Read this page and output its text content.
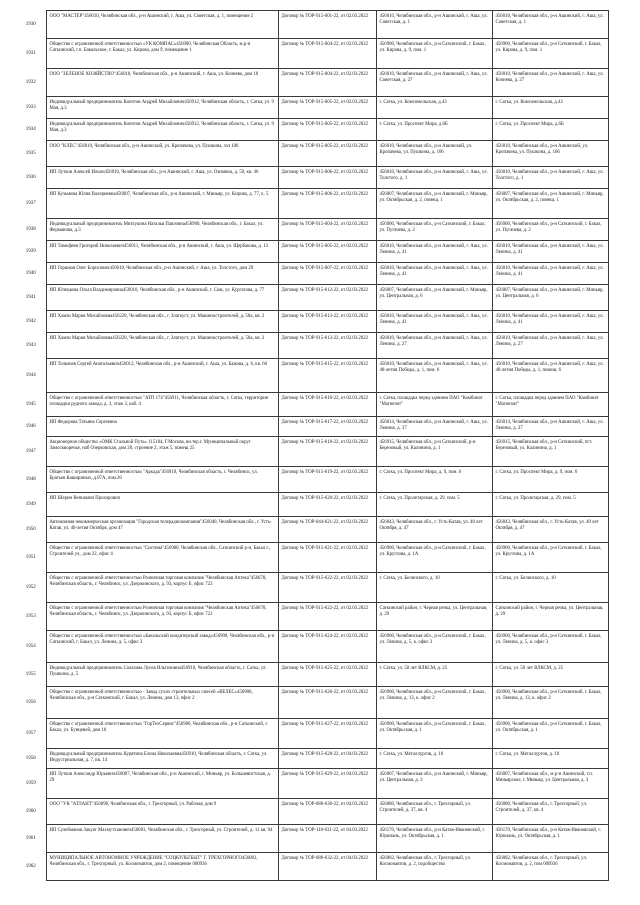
1930	ООО "МАСТЕР"456010, Челябинская обл., р-н Ашинский, г. Аша, ул. Советская, д. 1, помещение 2	Договор № ТОР-915-601-22, от 02.03.2022	456010, Челябинская обл., р-н Ашинский, г. Аша, ул. Советская, д. 1	456010, Челябинская обл., р-н Ашинский, г. Аша, ул. Советская, д. 1
1931	Общество с ограниченной ответственностью «УК КОМПАС»456900, Челябинская Область, м.р-н Саткинский, г.п. Бакальское, г. Бакал, ул. Кирова, дом 9, помещение 1	Договор № ТОР-915-604-22, от 02.03.2022	456900, Челябинская обл., р-н Саткинский, г. Бакал, ул. Кирова, д. 9, пом. 1	456900, Челябинская обл., р-н Саткинский, г. Бакал, ул. Кирова, д. 9, пом. 1
1932	ООО "ЗЕЛЕНОЕ ХОЗЯЙСТВО"456010, Челябинская обл., р-н Ашинский, г. Аша, ул. Кочнева, дом 10	Договор № ТОР-915-604-22, от 02.03.2022	456010, Челябинская обл., р-н Ашинский, г. Аша, ул. Советская, д. 27	456010, Челябинская обл., р-н Ашинский, г. Аша, ул. Кочнева, д. 27
1933	Индивидуальный предприниматель Копотов Андрей Михайлович456912, Челябинская область, г. Сатка, ул. 9 Мая, д.3	Договор № ТОР-915-605-22, от 02.03.2022	г. Сатка, ул. Комсомольская, д.43	г. Сатка, ул. Комсомольская, д.43
1934	Индивидуальный предприниматель Копотов Андрей Михайлович456912, Челябинская область, г. Сатка, ул. 9 Мая, д.3	Договор № ТОР-915-605-22, от 02.03.2022	г. Сатка, ул. Проспект Мира, д.6Б	г. Сатка, ул. Проспект Мира, д.6Б
1935	ООО "КЛЕС"456010, Челябинская обл., р-н Ашинский, ул. Кропачева, ул. Пушкина, зэл 106	Договор № ТОР-915-605-22, от 02.03.2022	456010, Челябинская обл., р-н Ашинский, ул. Кропачева, ул. Пушкина, д. 106	456010, Челябинская обл., р-н Ашинский, ул. Кропачева, ул. Пушкина, д. 106
1936	ИП Лутков Алексей Ильич456010, Челябинская обл., р-н Ашинский, г. Аша, ул. Озимина, д. 59, кв. 46	Договор № ТОР-915-606-22, от 02.03.2022	456010, Челябинская обл., р-н Ашинский, г. Аша, ул. Толстого, д. 1	456010, Челябинская обл., р-н Ашинский, г. Аша, ул. Толстого, д. 1
1937	ИП Кузьмина Юлия Валериевна456007, Челябинская обл., р-н Ашинский, г. Миньяр, ул. Кирова, д. 77, к. 5	Договор № ТОР-915-606-22, от 02.03.2022	456007, Челябинская обл., р-н Ашинский, г. Миньяр, ул. Октябрьская, д. 2, помещ. 1	456007, Челябинская обл., р-н Ашинский, г. Миньяр, ул. Октябрьская, д. 2, помещ. 1
1938	Индивидуальный предприниматель Мятлукина Наталья Павловна456900, Челябинская обл., г. Бакал, ул. Ферманова, д.3	Договор № ТОР-915-604-22, от 02.03.2022	456900, Челябинская обл., р-н Саткинский, г. Бакал, ул. Пугачева, д. 2	456900, Челябинская обл., р-н Саткинский, г. Бакал, ул. Пугачева, д. 2
1939	ИП Тимофеев Григорий Николаевич456011, Челябинская обл., р-н Ашинский, г. Аша, ул. Щербакова, д. 13	Договор № ТОР-915-605-22, от 02.03.2022	456010, Челябинская обл., р-н Ашинский, г. Аша, ул. Ленина, д. 41	456010, Челябинская обл., р-н Ашинский, г. Аша, ул. Ленина, д. 41
1940	ИП Горшков Олег Борисович456010, Челябинская обл., р-н Ашинский, г. Аша, ул. Толстого, дом 29	Договор № ТОР-915-607-22, от 02.03.2022	456010, Челябинская обл., р-н Ашинский, г. Аша, ул. Ленина, д. 41	456010, Челябинская обл., р-н Ашинский, г. Аша, ул. Ленина, д. 41
1941	ИП Юлецкова Ольга Владимировна456010, Челябинская обл., р-н Ашинский, г. Сим, ул. Кургатова, д. 77	Договор № ТОР-915-612-22, от 02.03.2022	456007, Челябинская обл., р-н Ашинский, г. Миньяр, ул. Центральная, д. 6	456007, Челябинская обл., р-н Ашинский, г. Миньяр, ул. Центральная, д. 6
1942	ИП Хамзи Мария Михайловна456228, Челябинская обл., г. Златоуст, ул. Машиностроителей, д. 58а, кв. 2	Договор № ТОР-915-613-22, от 02.03.2022	456010, Челябинская обл., р-н Ашинский, г. Аша, ул. Ленина, д. 41	456010, Челябинская обл., р-н Ашинский, г. Аша, ул. Ленина, д. 41
1943	ИП Хамзи Мария Михайловна456228, Челябинская обл., г. Златоуст, ул. Машиностроителей, д. 58а, кв. 2	Договор № ТОР-915-613-22, от 02.03.2022	456010, Челябинская обл., р-н Ашинский, г. Аша, ул. Ленина, д. 27	456010, Челябинская обл., р-н Ашинский, г. Аша, ул. Ленина, д. 27
1944	ИП Толкачев Сергей Анатольевич456012, Челябинская обл., р-н Ашинский, г. Аша, ул. Бажова, д. 6, кв. 60	Договор № ТОР-915-615-22, от 02.03.2022	456010, Челябинская обл., р-н Ашинский, г. Аша, ул. 40-летия Победы, д. 1, пом. 6	456010, Челябинская обл., р-н Ашинский, г. Аша, ул. 40-летия Победы, д. 1, помещ. 6
1945	Общество с ограниченной ответственностью "АТП 174"456911, Челябинская область, г. Сатка, территория площадки рудного завода, д. 3, этаж 3, каб. 4	Договор № ТОР-915-616-22, от 02.03.2022	г. Сатка, площадка перед зданием ПАО "Комбинат "Магнезит"	г. Сатка, площадка перед зданием ПАО "Комбинат "Магнезит"
1946	ИП Федорова Татьяна Сергеевна	Договор № ТОР-915-617-22, от 02.03.2022	456014, Челябинская обл., р-н Ашинский, г. Аша, ул. Ленина, д. 37	456014, Челябинская обл., р-н Ашинский, г. Аша, ул. Ленина, д. 37
1947	Акционерное общество «ОМК Стальной Путь» 115184, Г.Москва, вн.тер.г. Муниципальный округ Замоскворечье, наб Озерковская, дом 28, строение 2, этаж 5, помещ 25	Договор № ТОР-915-618-22, от 02.03.2022	456915, Челябинская обл., р-н Саткинский, р-н Березовый, ул. Калинина, д. 1	456915, Челябинская обл., р-н Саткинский, пгт. Березовый, ул. Калинина, д. 1
1948	Общество с ограниченной ответственностью "Аркада"456910, Челябинская область, г. Челябинск, ул. Братьев Кашириных, д.87А, пом.26	Договор № ТОР-915-619-22, от 02.03.2022	г. Сатка, ул. Проспект Мира, д. 9, пом. 6	г. Сатка, ул. Проспект Мира, д. 9, пом. 6
1949	ИП Шерин Вениамин Прохорович	Договор № ТОР-915-620-22, от 02.03.2022	г. Сатка, ул. Пролетарская, д. 29, пом. 5	г. Сатка, ул. Пролетарская, д. 29, пом. 5
1950	Автономная некоммерческая организация "Городская телерадиокомпания"456040, Челябинская обл., г. Усть-Катав, ул. 40-летия Октября, дом 47	Договор № ТОР-044-621-22, от 02.03.2022	456043, Челябинская обл., г. Усть-Катав, ул. 40 лет Октября, д. 47	456043, Челябинская обл., г. Усть-Катав, ул. 40 лет Октября, д. 47
1951	Общество с ограниченной ответственностью "Система"456900, Челябинская обл., Саткинский р-н, Бакал г., Строителей ул., дом 22, офис 4	Договор № ТОР-915-621-22, от 02.03.2022	456900, Челябинская обл., р-н Саткинский, г. Бакал, ул. Круглова, д. 1А	456900, Челябинская обл., р-н Саткинский, г. Бакал, ул. Круглова, д. 1А
1952	Общество с ограниченной ответственностью Розничная торговая компания "Челябинская Аптека"456678, Челябинская область, г. Челябинск, ул. Дзержинского, д. 93, корпус Б, офис 722	Договор № ТОР-915-622-22, от 02.03.2022	г. Сатка, ул. Белинского, д. 10	г. Сатка, ул. Белинского, д. 10
1953	Общество с ограниченной ответственностью Розничная торговая компания "Челябинская Аптека"456678, Челябинская область, г. Челябинск, ул. Дзержинского, д. 93, корпус Б, офис 722	Договор № ТОР-915-622-22, от 02.03.2022	Саткинский район, г. Черная речка, ул. Центральная, д. 29	Саткинский район, г. Черная речка, ул. Центральная, д. 29
1954	Общество с ограниченной ответственностью «Бакальский кондитерский завод»456900, Челябинская обл., р-н Саткинский, г. Бакал, ул. Ленина, д. 5, офис 3	Договор № ТОР-915-624-22, от 02.03.2022	456900, Челябинская обл., р-н Саткинский, г. Бакал, ул. Ленина, д. 5, к. офис 3	456900, Челябинская обл., р-н Саткинский, г. Бакал, ул. Ленина, д. 5, к. офис 3
1955	Индивидуальный предприниматель Салахова Луиза Ильгизовна456910, Челябинская область, г. Сатка, ул. Пушкина, д. 5	Договор № ТОР-915-625-22, от 02.03.2022	г. Сатка, ул. 50 лет ВЛКСМ, д. 25	г. Сатка, ул. 50 лет ВЛКСМ, д. 25
1956	Общество с ограниченной ответственностью - Завод сухих строительных смесей «ВЕЛЕС»456900, Челябинская обл., р-н Саткинский, г. Бакал, ул. Ленина, дом 13, офис 2	Договор № ТОР-915-626-22, от 03.03.2022	456900, Челябинская обл., р-н Саткинский, г. Бакал, ул. Ленина, д. 13, к. офис 2	456900, Челябинская обл., р-н Саткинский, г. Бакал, ул. Ленина, д. 13, к. офис 2
1957	Общество с ограниченной ответственностью "ГорТехСервис"456900, Челябинская обл., р-н Саткинский, г. Бакал, ул. Бунцевой, дом 10	Договор № ТОР-915-627-22, от 04.03.2022	456900, Челябинская обл., р-н Саткинский, г. Бакал, ул. Октябрьская, д. 1	456900, Челябинская обл., р-н Саткинский, г. Бакал, ул. Октябрьская, д. 1
1958	Индивидуальный предприниматель Курятина Елена Николаевна456910, Челябинская область, г. Сатка, ул. Индустриальная, д. 7, кв. 14	Договор № ТОР-915-628-22, от 04.03.2022	г. Сатка, ул. Металлургов, д. 10	г. Сатка, ул. Металлургов, д. 10
1959	ИП Лутков Александр Юрьевич456007, Челябинская обл., р-н Ашинский, г. Миньяр, ул. Большевистская, д. 29	Договор № ТОР-915-629-22, от 04.03.2022	456007, Челябинская обл., р-н Ашинский, г. Миньяр, ул. Центральная, д. 3	456007, Челябинская обл., м.р-н Ашинский, г.п. Миньярское, г. Миньяр, ул. Центральная, д. 3
1960	ООО "УК "АТЛАНТ"456890, Челябинская обл., г. Трехгорный, ул. Рабочая, дом 9	Договор № ТОР-080-630-22, от 04.03.2022	456080, Челябинская обл., г. Трехгорный, ул. Строителей, д. 37, кв. 4	456080, Челябинская обл., г. Трехгорный, ул. Строителей, д. 37, кв. 4
1961	ИП Сулейманов Закуат Махмутханович456083, Челябинская обл., г. Трехгорный, ул. Строителей, д. 11 кв. 94	Договор № ТОР-110-631-22, от 04.03.2022	456170, Челябинская обл., р-н Катав-Ивановский, г. Юрюзань, ул. Октябрьская, д. 1	456170, Челябинская обл., р-н Катав-Ивановский, г. Юрюзань, ул. Октябрьская, д. 1
1962	МУНИЦИПАЛЬНОЕ АВТОНОМНОЕ УЧРЕЖДЕНИЕ "СОЦКУЛЬТБЫТ" Г. ТРЕХГОРНОГО456082, Челябинская обл., г. Трехгорный, ул. Космонавтов, дом 2, помещение 000936	Договор № ТОР-080-632-22, от 04.03.2022	456082, Челябинская обл., г. Трехгорный, ул. Космонавтов, д. 2, подобщество	456082, Челябинская обл., г. Трехгорный, ул. Космонавтов, д. 2, пом 000936
